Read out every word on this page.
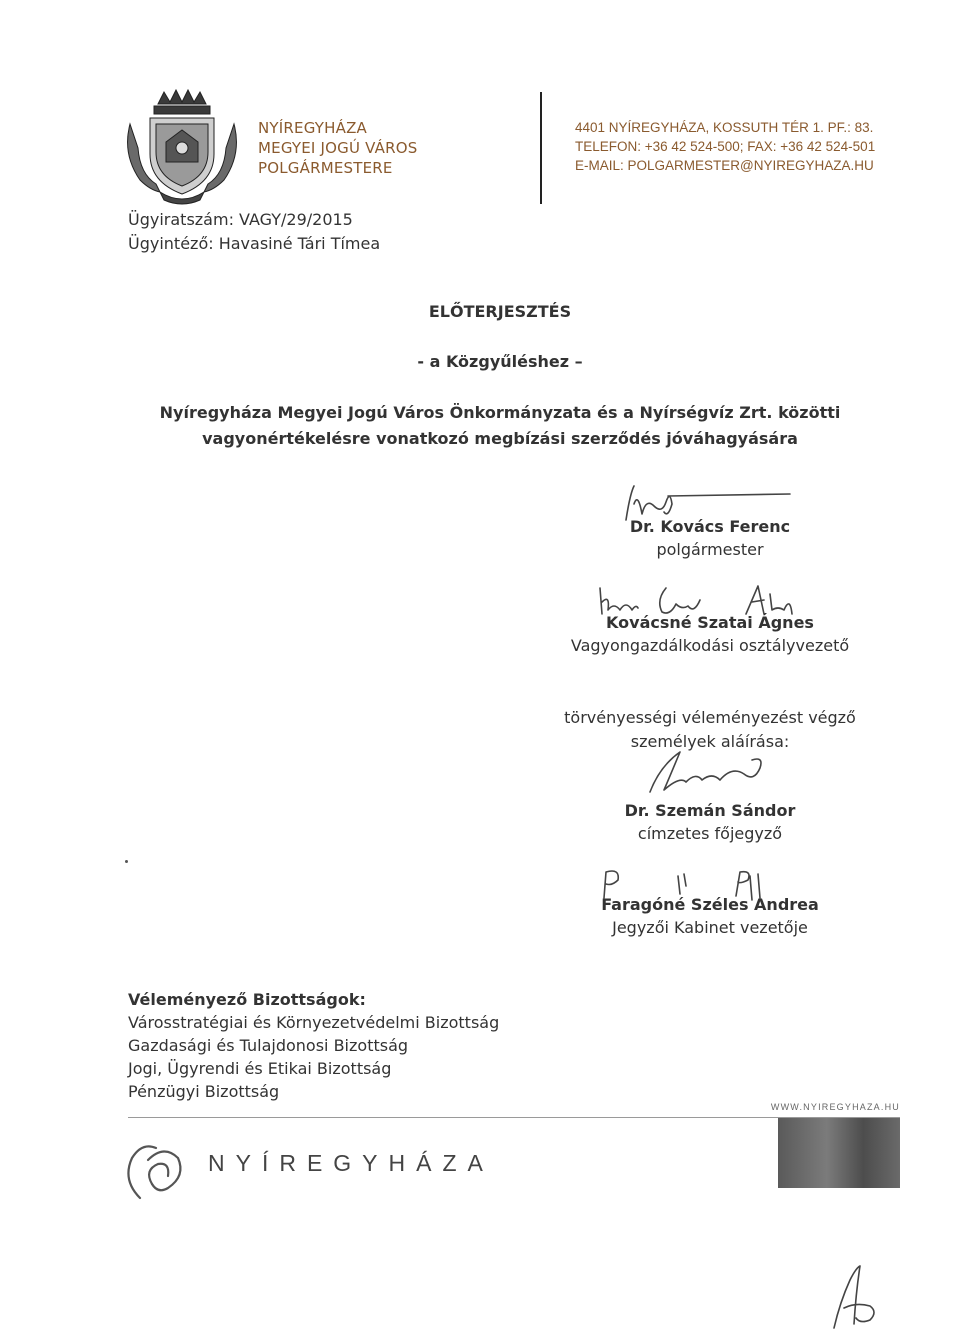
NYÍREGYHÁZA
MEGYEI JOGÚ VÁROS
POLGÁRMESTERE
4401 NYÍREGYHÁZA, KOSSUTH TÉR 1. PF.: 83.
TELEFON: +36 42 524-500; FAX: +36 42 524-501
E-MAIL: POLGARMESTER@NYIREGYHAZA.HU
Ügyiratszám: VAGY/29/2015
Ügyintéző: Havasiné Tári Tímea
ELŐTERJESZTÉS
- a Közgyűléshez –
Nyíregyháza Megyei Jogú Város Önkormányzata és a Nyírségvíz Zrt. közötti
vagyonértékelésre vonatkozó megbízási szerződés jóváhagyására
Dr. Kovács Ferenc
polgármester
Kovácsné Szatai Ágnes
Vagyongazdálkodási osztályvezető
törvényességi véleményezést végző
személyek aláírása:
Dr. Szemán Sándor
címzetes főjegyző
Faragóné Széles Andrea
Jegyzői Kabinet vezetője
Véleményező Bizottságok:
Városstratégiai és Környezetvédelmi Bizottság
Gazdasági és Tulajdonosi Bizottság
Jogi, Ügyrendi és Etikai Bizottság
Pénzügyi Bizottság
WWW.NYIREGYHAZA.HU
NYÍREGYHÁZA
